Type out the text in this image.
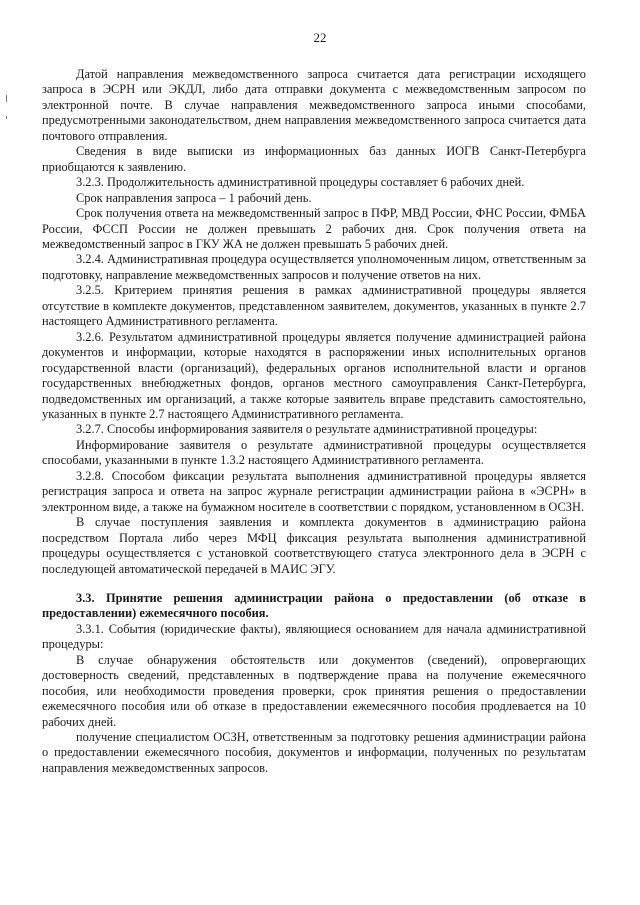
22

Датой направления межведомственного запроса считается дата регистрации исходящего запроса в ЭСРН или ЭКДЛ, либо дата отправки документа с межведомственным запросом по электронной почте. В случае направления межведомственного запроса иными способами, предусмотренными законодательством, днем направления межведомственного запроса считается дата почтового отправления.

Сведения в виде выписки из информационных баз данных ИОГВ Санкт-Петербурга приобщаются к заявлению.

3.2.3. Продолжительность административной процедуры составляет 6 рабочих дней.

Срок направления запроса – 1 рабочий день.

Срок получения ответа на межведомственный запрос в ПФР, МВД России, ФНС России, ФМБА России, ФССП России не должен превышать 2 рабочих дня. Срок получения ответа на межведомственный запрос в ГКУ ЖА не должен превышать 5 рабочих дней.

3.2.4. Административная процедура осуществляется уполномоченным лицом, ответственным за подготовку, направление межведомственных запросов и получение ответов на них.

3.2.5. Критерием принятия решения в рамках административной процедуры является отсутствие в комплекте документов, представленном заявителем, документов, указанных в пункте 2.7 настоящего Административного регламента.

3.2.6. Результатом административной процедуры является получение администрацией района документов и информации, которые находятся в распоряжении иных исполнительных органов государственной власти (организаций), федеральных органов исполнительной власти и органов государственных внебюджетных фондов, органов местного самоуправления Санкт-Петербурга, подведомственных им организаций, а также которые заявитель вправе представить самостоятельно, указанных в пункте 2.7 настоящего Административного регламента.

3.2.7. Способы информирования заявителя о результате административной процедуры:

Информирование заявителя о результате административной процедуры осуществляется способами, указанными в пункте 1.3.2 настоящего Административного регламента.

3.2.8. Способом фиксации результата выполнения административной процедуры является регистрация запроса и ответа на запрос журнале регистрации администрации района в «ЭСРН» в электронном виде, а также на бумажном носителе в соответствии с порядком, установленном в ОСЗН.

В случае поступления заявления и комплекта документов в администрацию района посредством Портала либо через МФЦ фиксация результата выполнения административной процедуры осуществляется с установкой соответствующего статуса электронного дела в ЭСРН с последующей автоматической передачей в МАИС ЭГУ.

3.3. Принятие решения администрации района о предоставлении (об отказе в предоставлении) ежемесячного пособия.

3.3.1. События (юридические факты), являющиеся основанием для начала административной процедуры:

В случае обнаружения обстоятельств или документов (сведений), опровергающих достоверность сведений, представленных в подтверждение права на получение ежемесячного пособия, или необходимости проведения проверки, срок принятия решения о предоставлении ежемесячного пособия или об отказе в предоставлении ежемесячного пособия продлевается на 10 рабочих дней.

получение специалистом ОСЗН, ответственным за подготовку решения администрации района о предоставлении ежемесячного пособия, документов и информации, полученных по результатам направления межведомственных запросов.
